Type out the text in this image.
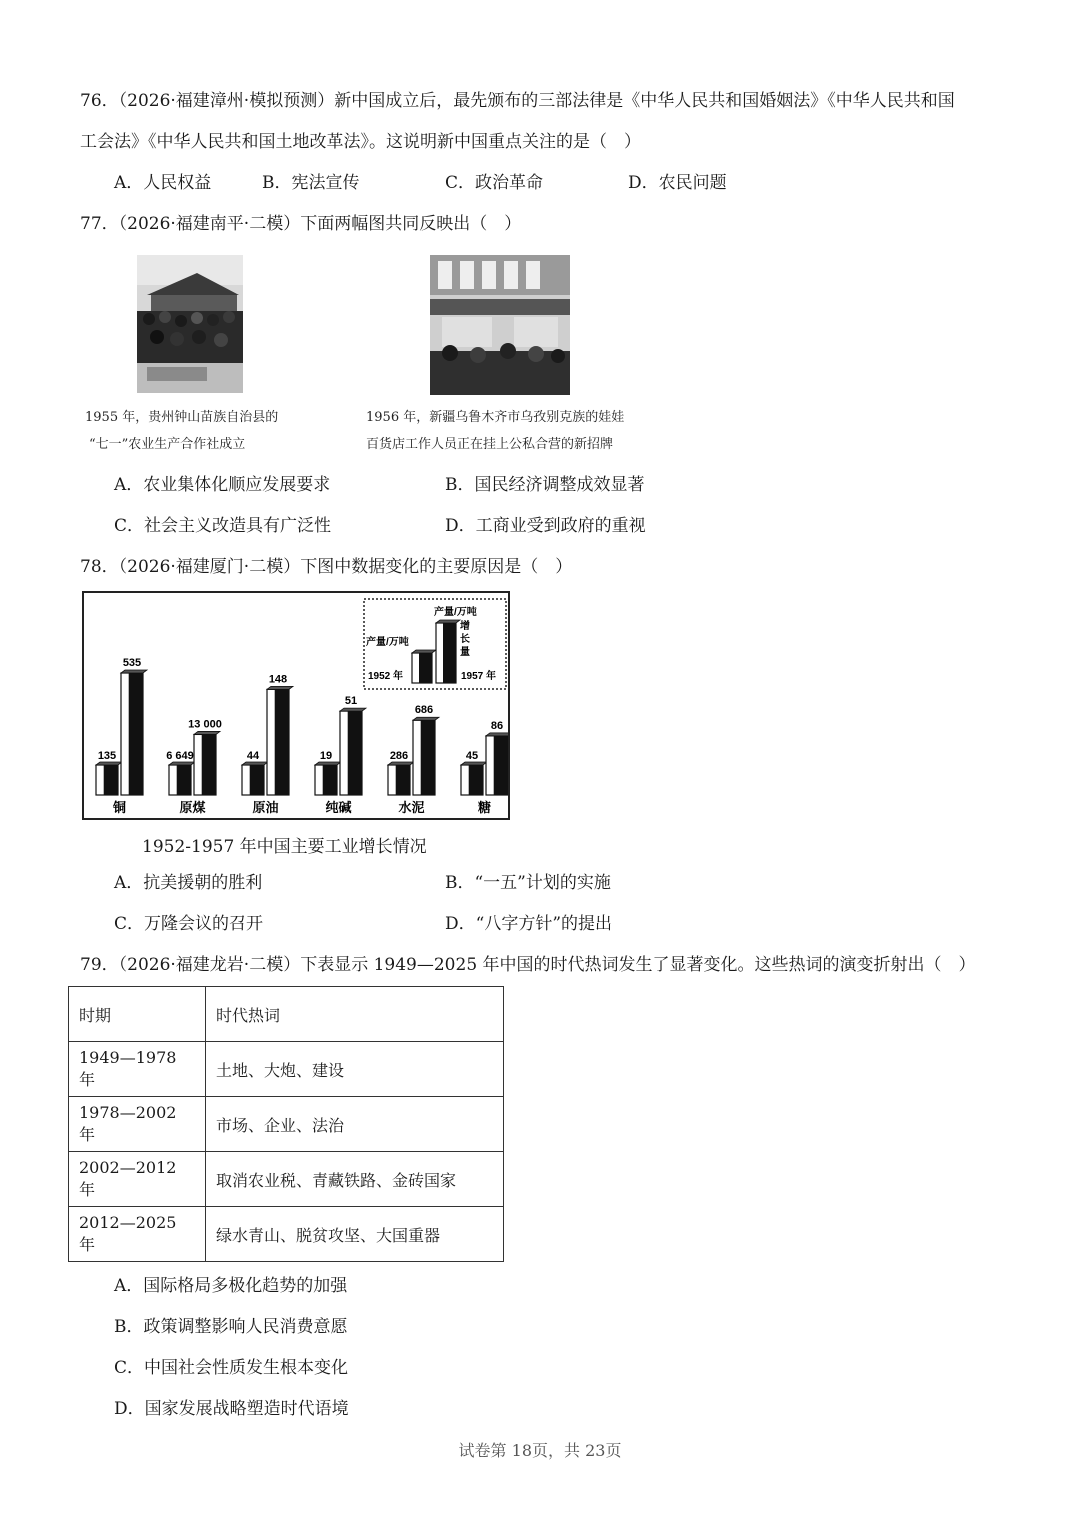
76．（2026·福建漳州·模拟预测）新中国成立后，最先颁布的三部法律是《中华人民共和国婚姻法》《中华人民共和国
工会法》《中华人民共和国土地改革法》。这说明新中国重点关注的是（　）
A．人民权益	B．宪法宣传	C．政治革命	D．农民问题
77．（2026·福建南平·二模）下面两幅图共同反映出（　）
1955 年，贵州钟山苗族自治县的
“七一”农业生产合作社成立
1956 年，新疆乌鲁木齐市乌孜别克族的娃娃
百货店工作人员正在挂上公私合营的新招牌
A．农业集体化顺应发展要求	B．国民经济调整成效显著
C．社会主义改造具有广泛性	D．工商业受到政府的重视
78．（2026·福建厦门·二模）下图中数据变化的主要原因是（　）
产量/万吨
产量/万吨
增
长
量
1952 年	1957 年
135
535
铜
6 649
13 000
原煤
44
148
原油
19
51
纯碱
286
686
水泥
45
86
糖
1952-1957 年中国主要工业增长情况
A．抗美援朝的胜利	B．“一五”计划的实施
C．万隆会议的召开	D．“八字方针”的提出
79．（2026·福建龙岩·二模）下表显示 1949—2025 年中国的时代热词发生了显著变化。这些热词的演变折射出（　）
时期	时代热词
1949—1978 年	土地、大炮、建设
1978—2002 年	市场、企业、法治
2002—2012 年	取消农业税、青藏铁路、金砖国家
2012—2025 年	绿水青山、脱贫攻坚、大国重器
A．国际格局多极化趋势的加强
B．政策调整影响人民消费意愿
C．中国社会性质发生根本变化
D．国家发展战略塑造时代语境
试卷第 18页，共 23页
